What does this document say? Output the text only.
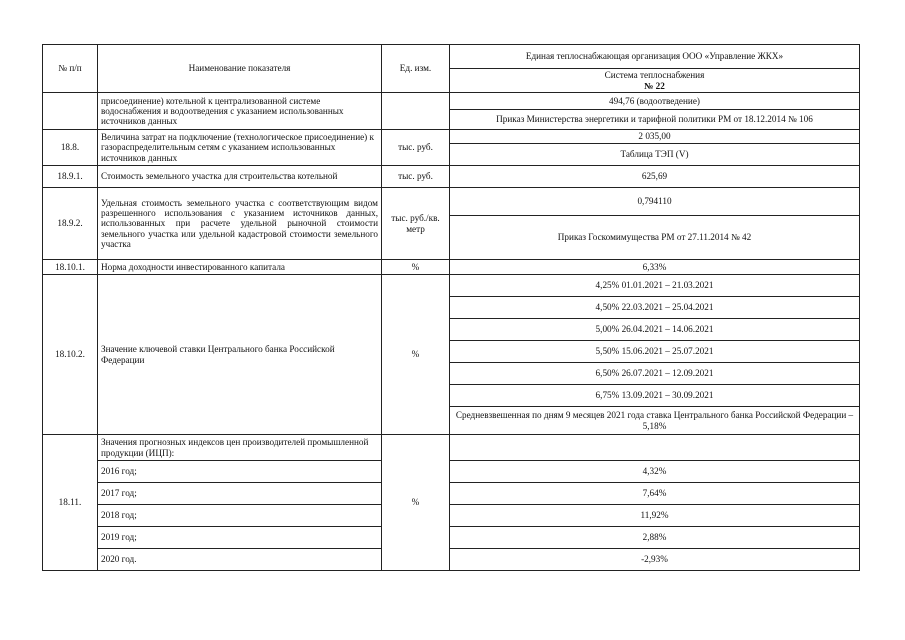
№ п/п	Наименование показателя	Ед. изм.	Единая теплоснабжающая организация ООО «Управление ЖКХ»

			Система теплоснабжения
№ 22

	присоединение) котельной к централизованной системе водоснабжения и водоотведения с указанием использованных источников данных		494,76 (водоотведение)
			Приказ Министерства энергетики и тарифной политики РМ от 18.12.2014 № 106
18.8.	Величина затрат на подключение (технологическое присоединение) к газораспределительным сетям с указанием использованных источников данных	тыс. руб.	2 035,00
			Таблица ТЭП (V)
18.9.1.	Стоимость земельного участка для строительства котельной	тыс. руб.	625,69
18.9.2.	Удельная стоимость земельного участка с соответствующим видом разрешенного использования с указанием источников данных, использованных при расчете удельной рыночной стоимости земельного участка или удельной кадастровой стоимости земельного участка	тыс. руб./кв. метр	0,794110
			Приказ Госкомимущества РМ от 27.11.2014 № 42
18.10.1.	Норма доходности инвестированного капитала	%	6,33%
18.10.2.	Значение ключевой ставки Центрального банка Российской Федерации	%	4,25% 01.01.2021 – 21.03.2021
			4,50% 22.03.2021 – 25.04.2021
			5,00% 26.04.2021 – 14.06.2021
			5,50% 15.06.2021 – 25.07.2021
			6,50% 26.07.2021 – 12.09.2021
			6,75% 13.09.2021 – 30.09.2021
			Средневзвешенная по дням 9 месяцев 2021 года ставка Центрального банка Российской Федерации – 5,18%
18.11.	Значения прогнозных индексов цен производителей промышленной продукции (ИЦП):	%	
	2016 год;		4,32%
	2017 год;		7,64%
	2018 год;		11,92%
	2019 год;		2,88%
	2020 год.		-2,93%
